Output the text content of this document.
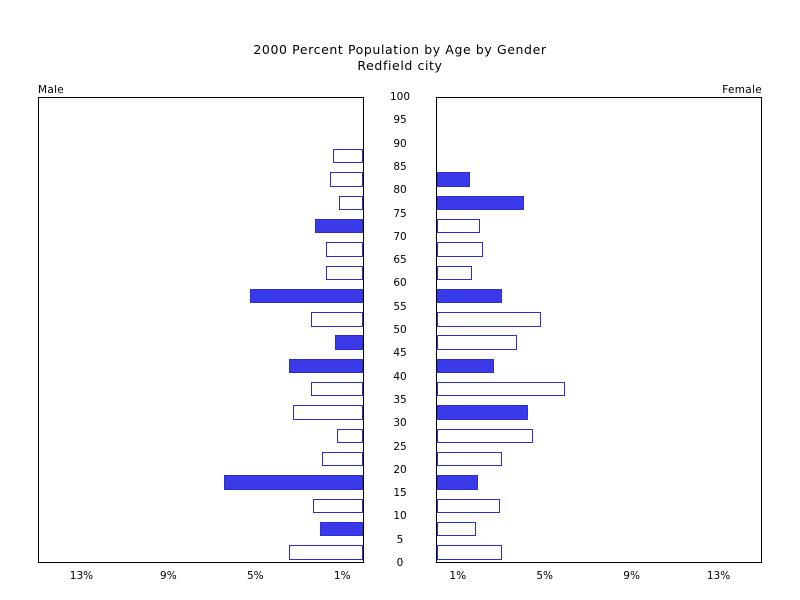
2000 Percent Population by Age by Gender
Redfield city
Male	Female
0
5
10
15
20
25
30
35
40
45
50
55
60
65
70
75
80
85
90
95
100
1%
5%
9%
13%	1%	5%	9%	13%
